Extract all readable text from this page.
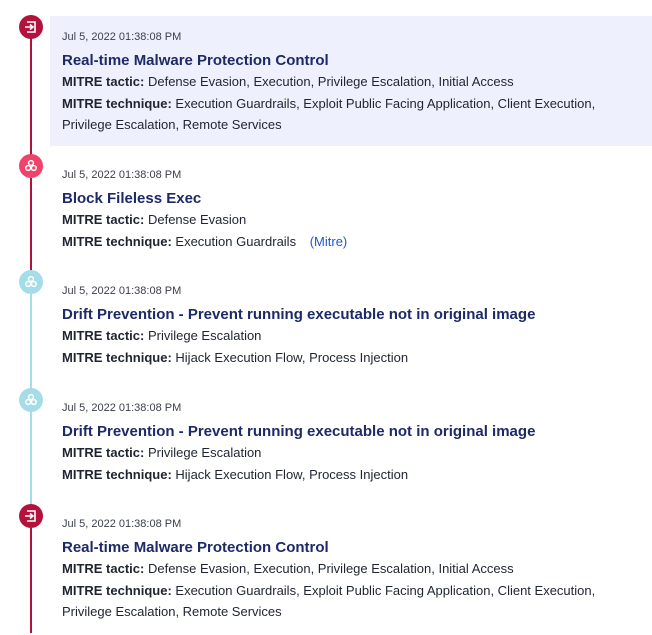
Jul 5, 2022 01:38:08 PM
Real-time Malware Protection Control
MITRE tactic: Defense Evasion, Execution, Privilege Escalation, Initial Access
MITRE technique: Execution Guardrails, Exploit Public Facing Application, Client Execution,
Privilege Escalation, Remote Services
Jul 5, 2022 01:38:08 PM
Block Fileless Exec
MITRE tactic: Defense Evasion
MITRE technique: Execution Guardrails (Mitre)
Jul 5, 2022 01:38:08 PM
Drift Prevention - Prevent running executable not in original image
MITRE tactic: Privilege Escalation
MITRE technique: Hijack Execution Flow, Process Injection
Jul 5, 2022 01:38:08 PM
Drift Prevention - Prevent running executable not in original image
MITRE tactic: Privilege Escalation
MITRE technique: Hijack Execution Flow, Process Injection
Jul 5, 2022 01:38:08 PM
Real-time Malware Protection Control
MITRE tactic: Defense Evasion, Execution, Privilege Escalation, Initial Access
MITRE technique: Execution Guardrails, Exploit Public Facing Application, Client Execution,
Privilege Escalation, Remote Services
